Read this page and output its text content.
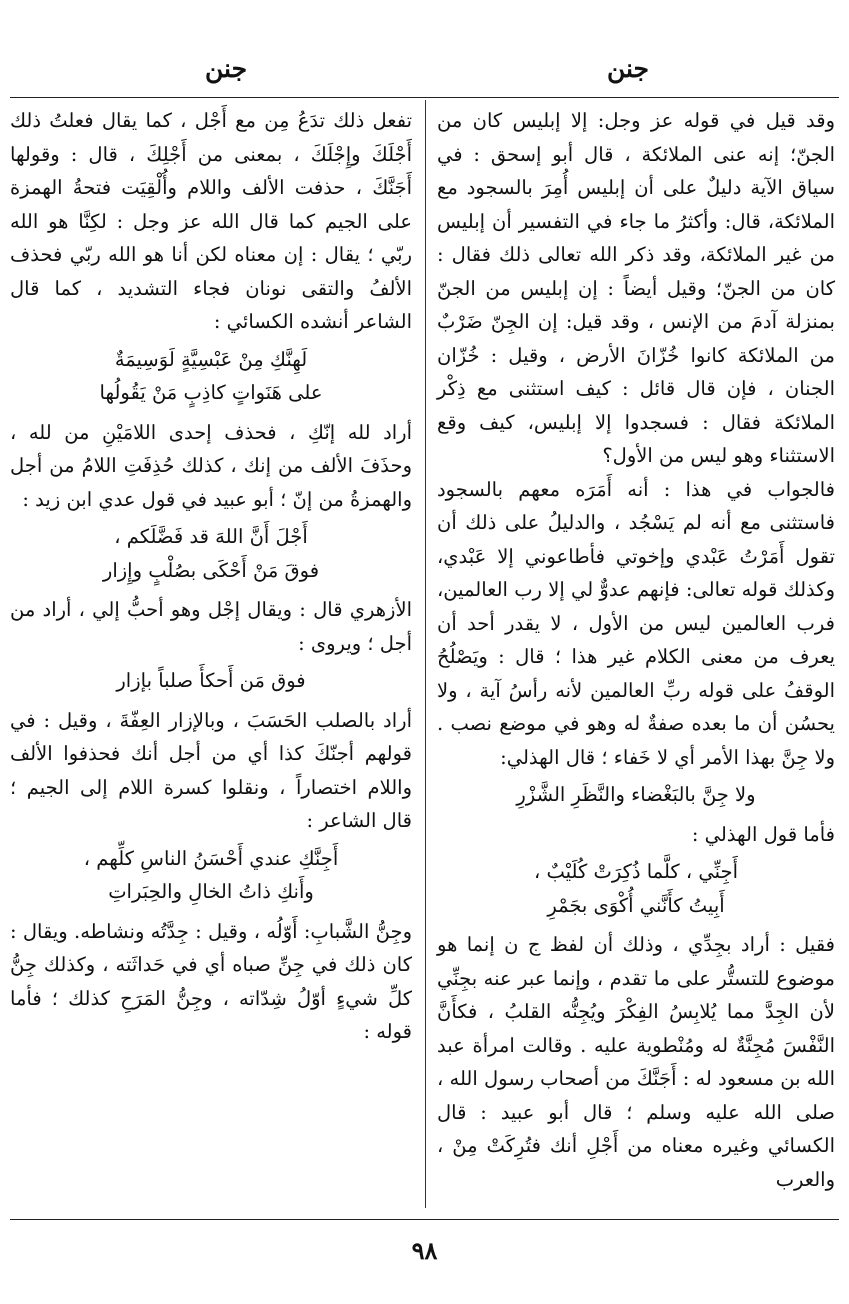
جنن
جنن

وقد قيل في قوله عز وجل: إلا إبليس كان من الجنّ؛ إنه عنى الملائكة ، قال أبو إسحق : في سياق الآية دليلٌ على أن إبليس أُمِرَ بالسجود مع الملائكة، قال: وأكثرُ ما جاء في التفسير أن إبليس من غير الملائكة، وقد ذكر الله تعالى ذلك فقال : كان من الجنّ؛ وقيل أيضاً : إن إبليس من الجنّ بمنزلة آدمَ من الإنس ، وقد قيل: إن الجِنّ ضَرْبٌ من الملائكة كانوا خُزّانَ الأرض ، وقيل : خُزّان الجنان ، فإن قال قائل : كيف استثنى مع ذِكْر الملائكة فقال : فسجدوا إلا إبليس، كيف وقع الاستثناء وهو ليس من الأول؟

فالجواب في هذا : أنه أَمَرَه معهم بالسجود فاستثنى مع أنه لم يَسْجُد ، والدليلُ على ذلك أن تقول أَمَرْتُ عَبْدي وإخوتي فأطاعوني إلا عَبْدي، وكذلك قوله تعالى: فإنهم عدوٌّ لي إلا رب العالمين، فرب العالمين ليس من الأول ، لا يقدر أحد أن يعرف من معنى الكلام غير هذا ؛ قال : ويَصْلُحُ الوقفُ على قوله ربِّ العالمين لأنه رأسُ آية ، ولا يحسُن أن ما بعده صفةٌ له وهو في موضع نصب . ولا جِنَّ بهذا الأمر أي لا خَفاء ؛ قال الهذلي:

ولا جِنَّ بالبَغْضاء والنَّظَرِ الشَّزْرِ

فأما قول الهذلي :

أَجِنِّي ، كلَّما ذُكِرَتْ كُلَيْبٌ ،
أَبِيتُ كأَنَّني أُكْوَى بجَمْرِ

فقيل : أراد بجِدِّي ، وذلك أن لفظ ج ن إنما هو موضوع للتستُّر على ما تقدم ، وإنما عبر عنه بجِنِّي لأن الجِدَّ مما يُلابِسُ الفِكْرَ ويُجِنُّه القلبُ ، فكأَنَّ النَّفْسَ مُجِنَّةٌ له ومُنْطوية عليه . وقالت امرأة عبد الله بن مسعود له : أَجَنَّكَ من أصحاب رسول الله ، صلى الله عليه وسلم ؛ قال أبو عبيد : قال الكسائي وغيره معناه من أَجْلِ أنك فتُرِكَتْ مِنْ ، والعرب

تفعل ذلك تدَعُ مِن مع أَجْل ، كما يقال فعلتُ ذلك أَجْلَكَ وإِجْلَكَ ، بمعنى من أَجْلِكَ ، قال : وقولها أَجَنَّكَ ، حذفت الألف واللام وأُلْقِيَت فتحةُ الهمزة على الجيم كما قال الله عز وجل : لكِنَّا هو الله ربّي ؛ يقال : إن معناه لكن أنا هو الله ربّي فحذف الألفُ والتقى نونان فجاء التشديد ، كما قال الشاعر أنشده الكسائي :

لَهِنَّكِ مِنْ عَبْسِيَّةٍ لَوَسِيمَةٌ
على هَنَواتٍ كاذِبٍ مَنْ يَقُولُها

أراد لله إنّكِ ، فحذف إحدى اللامَيْنِ من لله ، وحذَفَ الألف من إنك ، كذلك حُذِفَتِ اللامُ من أجل والهمزةُ من إنّ ؛ أبو عبيد في قول عدي ابن زيد :

أَجْلَ أَنَّ اللهَ قد فَضَّلَكم ،
فوقَ مَنْ أَحْكَى بصُلْبٍ وإِزار

الأزهري قال : ويقال إجْل وهو أحبُّ إلي ، أراد من أجل ؛ ويروى :

فوق مَن أَحكأَ صلباً بإزار

أراد بالصلب الحَسَبَ ، وبالإزار العِفّةَ ، وقيل : في قولهم أجنّكَ كذا أي من أجل أنك فحذفوا الألف واللام اختصاراً ، ونقلوا كسرة اللام إلى الجيم ؛ قال الشاعر :

أَجِنَّكِ عندي أَحْسَنُ الناسِ كلِّهم ،
وأَنكِ ذاتُ الخالِ والحِبَراتِ

وجِنُّ الشَّبابِ: أَوّلُه ، وقيل : جِدَّتُه ونشاطه. ويقال : كان ذلك في جِنِّ صباه أي في حَداثَته ، وكذلك جِنُّ كلِّ شيءٍ أوّلُ شِدّاته ، وجِنُّ المَرَحِ كذلك ؛ فأما قوله :

٩٨
